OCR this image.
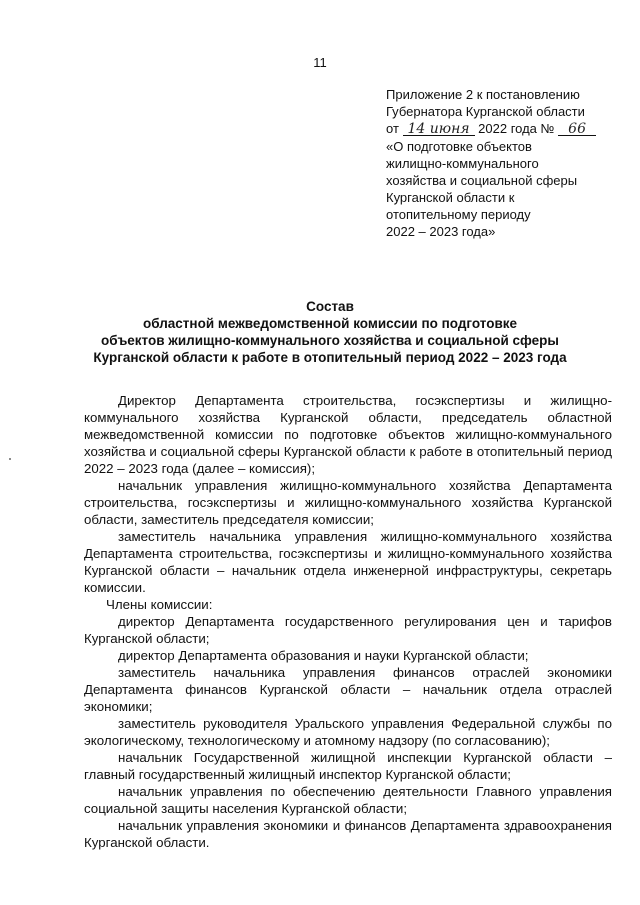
11
Приложение 2 к постановлению
Губернатора Курганской области
от 14 июня 2022 года № 66
«О подготовке объектов
жилищно-коммунального
хозяйства и социальной сферы
Курганской области к
отопительному периоду
2022 – 2023 года»
Состав
областной межведомственной комиссии по подготовке
объектов жилищно-коммунального хозяйства и социальной сферы
Курганской области к работе в отопительный период 2022 – 2023 года

Директор Департамента строительства, госэкспертизы и жилищно-коммунального хозяйства Курганской области, председатель областной межведомственной комиссии по подготовке объектов жилищно-коммунального хозяйства и социальной сферы Курганской области к работе в отопительный период 2022 – 2023 года (далее – комиссия);

начальник управления жилищно-коммунального хозяйства Департамента строительства, госэкспертизы и жилищно-коммунального хозяйства Курганской области, заместитель председателя комиссии;

заместитель начальника управления жилищно-коммунального хозяйства Департамента строительства, госэкспертизы и жилищно-коммунального хозяйства Курганской области – начальник отдела инженерной инфраструктуры, секретарь комиссии.

Члены комиссии:

директор Департамента государственного регулирования цен и тарифов Курганской области;

директор Департамента образования и науки Курганской области;

заместитель начальника управления финансов отраслей экономики Департамента финансов Курганской области – начальник отдела отраслей экономики;

заместитель руководителя Уральского управления Федеральной службы по экологическому, технологическому и атомному надзору (по согласованию);

начальник Государственной жилищной инспекции Курганской области – главный государственный жилищный инспектор Курганской области;

начальник управления по обеспечению деятельности Главного управления социальной защиты населения Курганской области;

начальник управления экономики и финансов Департамента здравоохранения Курганской области.
